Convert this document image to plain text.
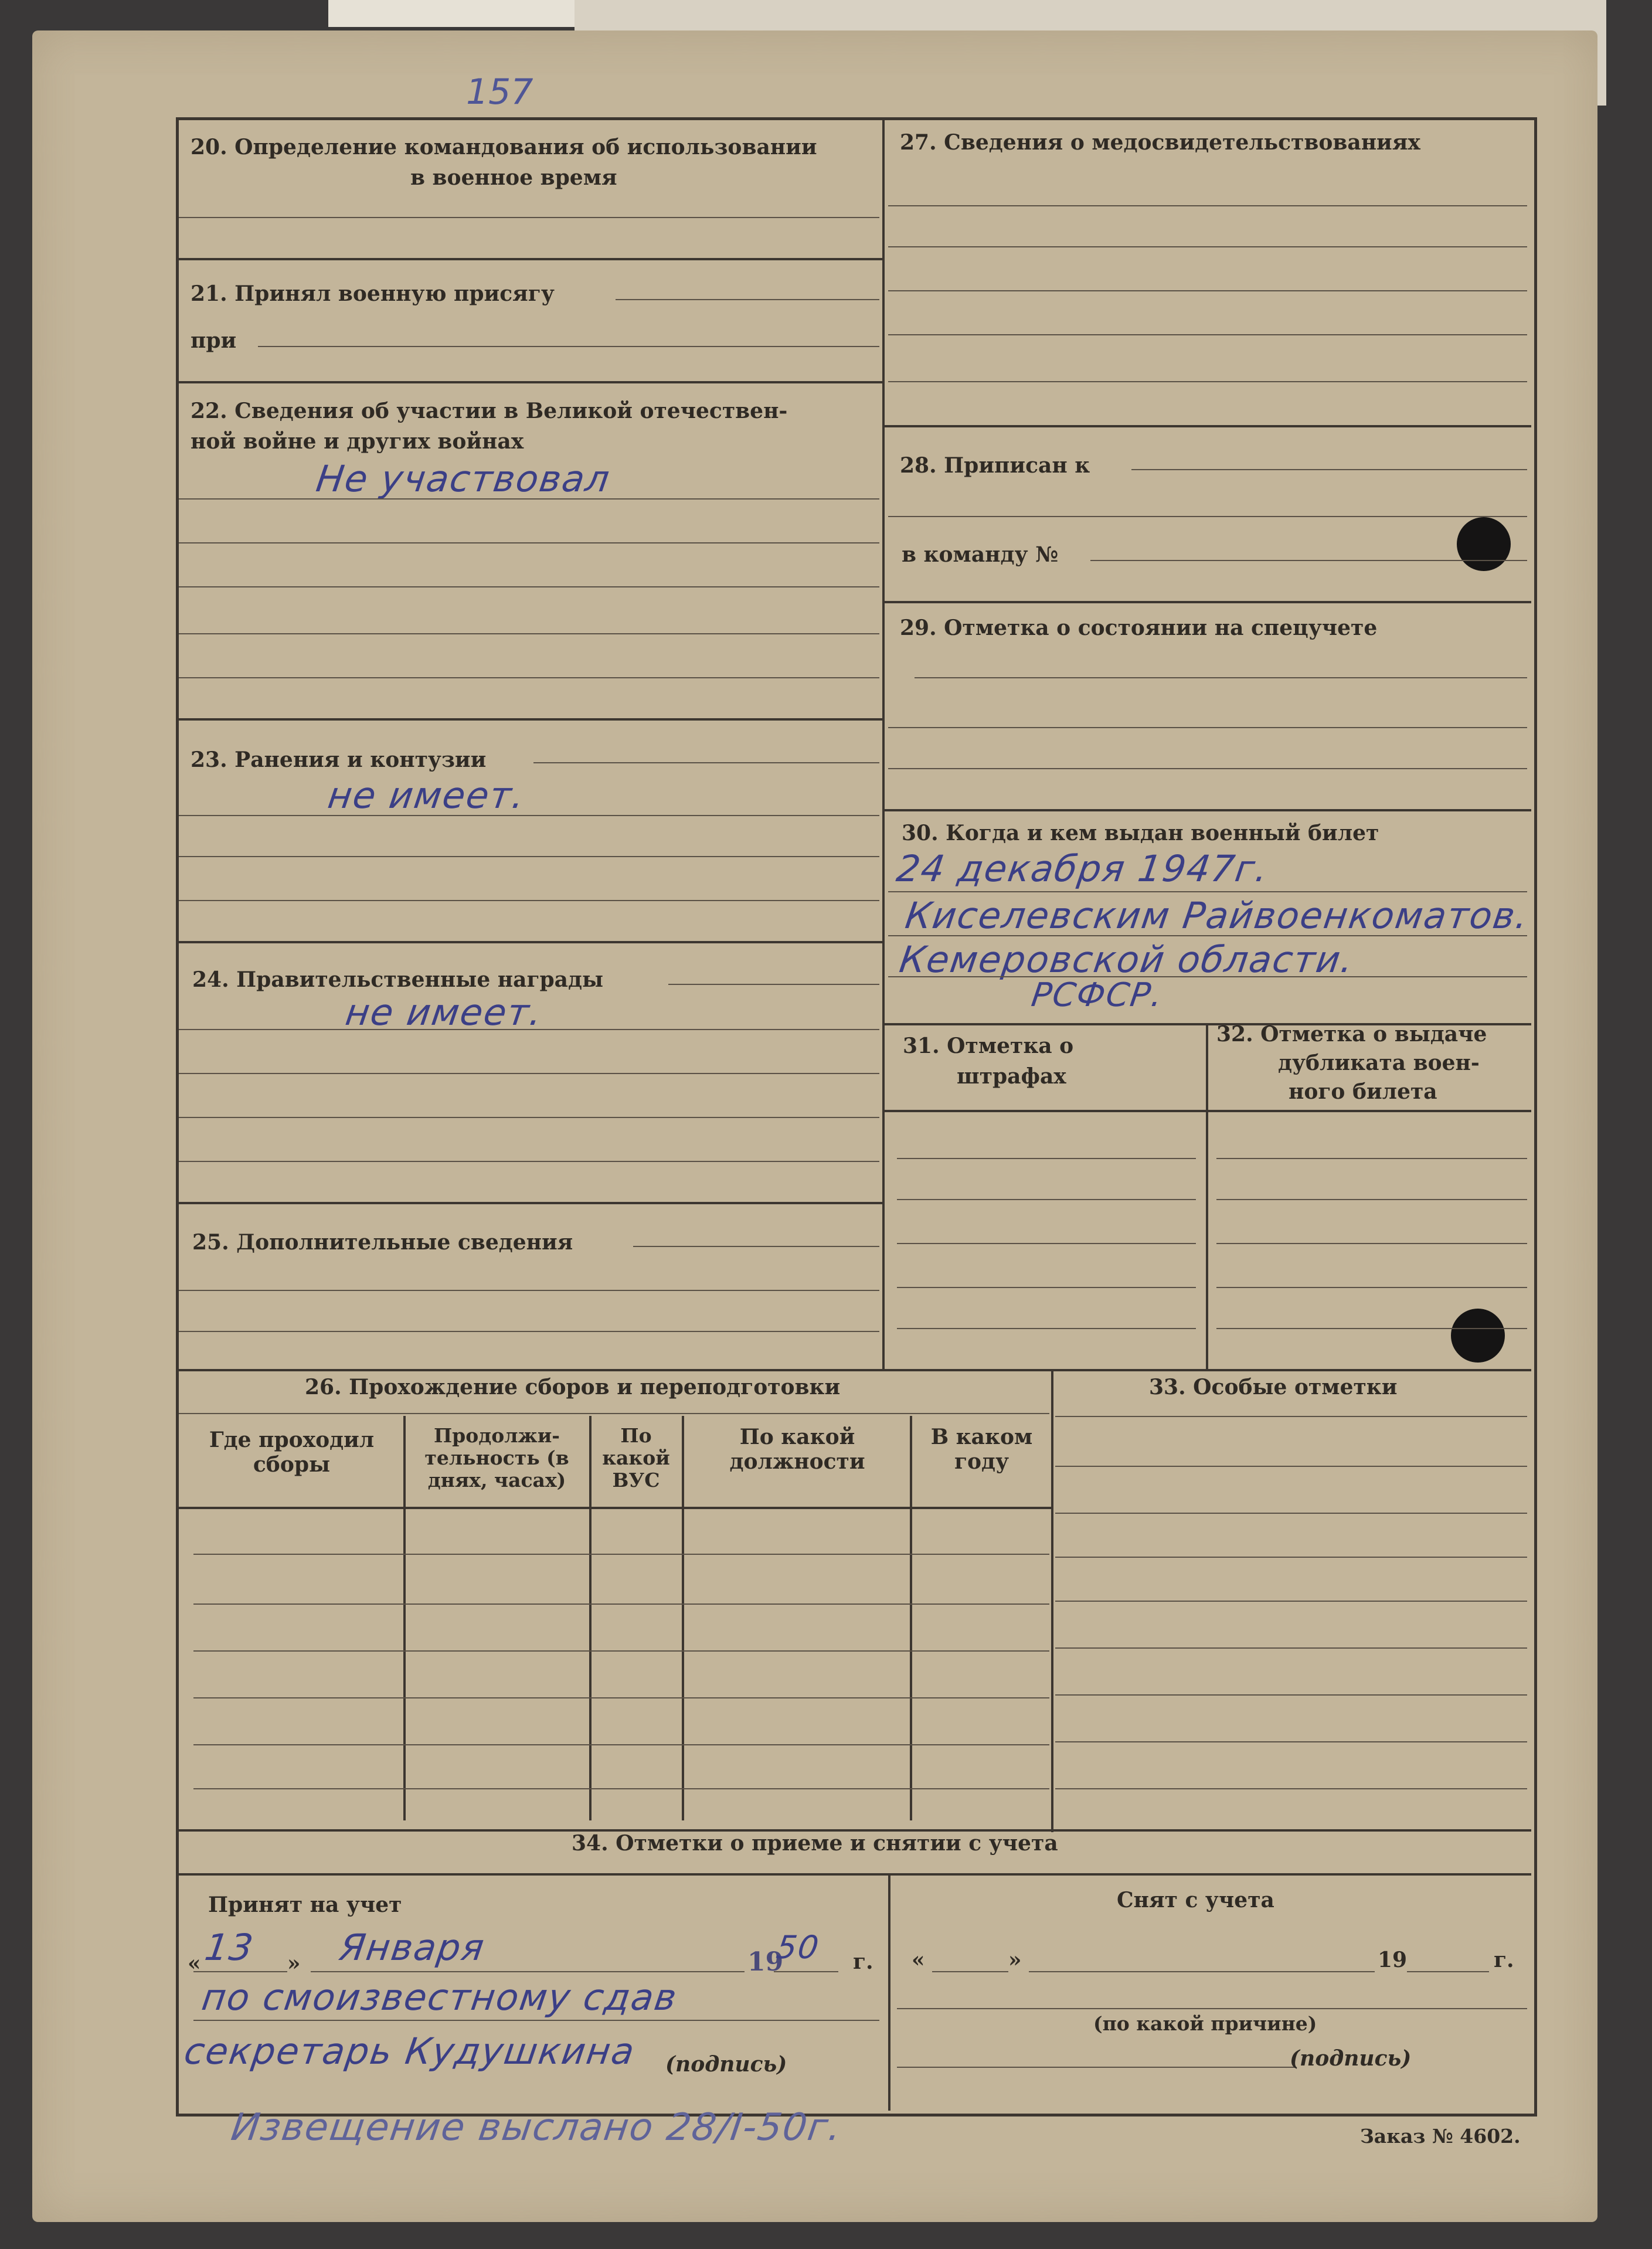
157
20. Определение командования об использовании
в военное время
21. Принял военную присягу
при
22. Сведения об участии в Великой отечествен-
ной войне и других войнах
Не участвовал
23. Ранения и контузии
не имеет.
24. Правительственные награды
не имеет.
25. Дополнительные сведения
27. Сведения о медосвидетельствованиях
28. Приписан к
в команду №
29. Отметка о состоянии на спецучете
30. Когда и кем выдан военный билет
24 декабря 1947г.
Киселевским Райвоенкоматов.
Кемеровской области.
РСФСР.
31. Отметка о
штрафах
32. Отметка о выдаче
дубликата воен-
ного билета
26. Прохождение сборов и переподготовки
Где проходил сборы
Продолжи-тельность (в днях, часах)
По какой ВУС
По какой должности
В каком году
33. Особые отметки
34. Отметки о приеме и снятии с учета
Принят на учет
« 13 » Января	19
50 г.
по смоизвестному сдав
секретарь Кудушкина (подпись)
Снят с учета
«	»	19	г.
(по какой причине)
(подпись)
Извещение выслано 28/I-50г.	Заказ № 4602.
